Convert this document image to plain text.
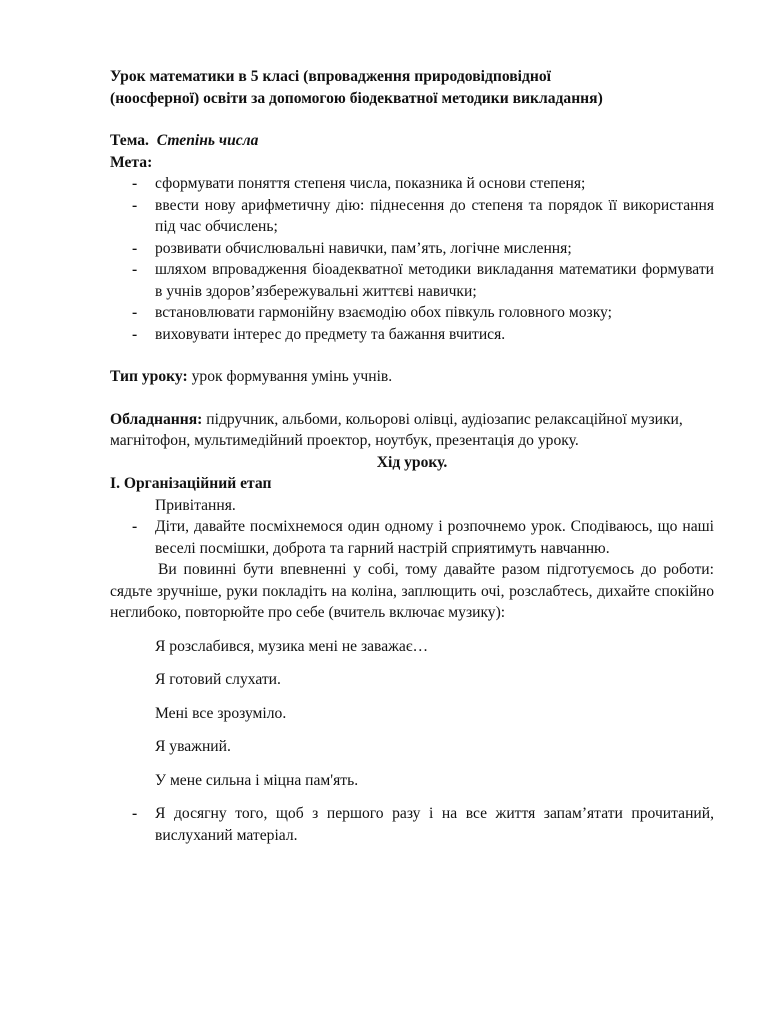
Урок математики в 5 класі (впровадження природовідповідної
(ноосферної) освіти за допомогою біодекватної методики викладання)

Тема. Степінь числа

Мета:

- сформувати поняття степеня числа, показника й основи степеня;
- ввести нову арифметичну дію: піднесення до степеня та порядок її використання під час обчислень;
- розвивати обчислювальні навички, пам’ять, логічне мислення;
- шляхом впровадження біоадекватної методики викладання математики формувати в учнів здоров’язбережувальні життєві навички;
- встановлювати гармонійну взаємодію обох півкуль головного мозку;
- виховувати інтерес до предмету та бажання вчитися.

Тип уроку: урок формування умінь учнів.

Обладнання: підручник, альбоми, кольорові олівці, аудіозапис релаксаційної музики, магнітофон, мультимедійний проектор, ноутбук, презентація до уроку.

Хід уроку.

І. Організаційний етап

Привітання.

- Діти, давайте посміхнемося один одному і розпочнемо урок. Сподіваюсь, що наші веселі посмішки, доброта та гарний настрій сприятимуть навчанню.

Ви повинні бути впевненні у собі, тому давайте разом підготуємось до роботи: сядьте зручніше, руки покладіть на коліна, заплющить очі, розслабтесь, дихайте спокійно неглибоко, повторюйте про себе (вчитель включає музику):

Я розслабився, музика мені не заважає…

Я готовий слухати.

Мені все зрозуміло.

Я уважний.

У мене сильна і міцна пам'ять.

- Я досягну того, щоб з першого разу і на все життя запам’ятати прочитаний, вислуханий матеріал.
